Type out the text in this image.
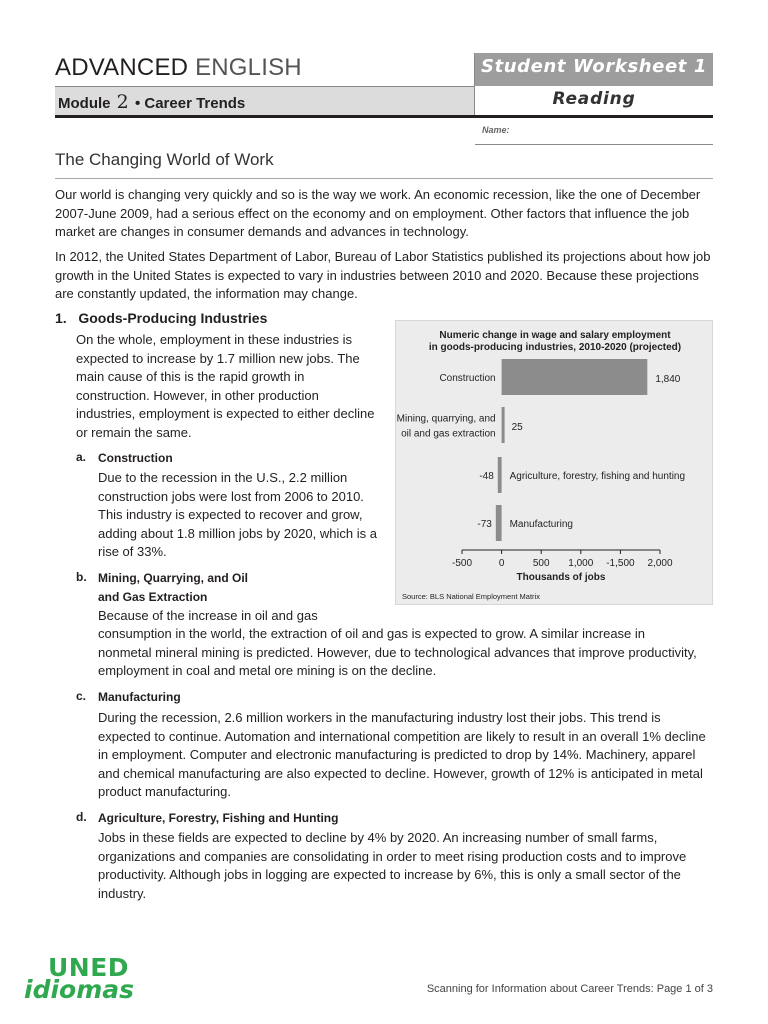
ADVANCED ENGLISH
Module 2 • Career Trends
Student Worksheet 1
Reading
Name:
The Changing World of Work
Our world is changing very quickly and so is the way we work. An economic recession, like the one of December 2007-June 2009, had a serious effect on the economy and on employment. Other factors that influence the job market are changes in consumer demands and advances in technology.
In 2012, the United States Department of Labor, Bureau of Labor Statistics published its projections about how job growth in the United States is expected to vary in industries between 2010 and 2020. Because these projections are constantly updated, the information may change.
1.   Goods-Producing Industries
On the whole, employment in these industries is expected to increase by 1.7 million new jobs. The main cause of this is the rapid growth in construction. However, in other production industries, employment is expected to either decline or remain the same.
a. Construction
Due to the recession in the U.S., 2.2 million construction jobs were lost from 2006 to 2010. This industry is expected to recover and grow, adding about 1.8 million jobs by 2020, which is a rise of 33%.
b. Mining, Quarrying, and Oil
and Gas Extraction
Because of the increase in oil and gas
consumption in the world, the extraction of oil and gas is expected to grow. A similar increase in nonmetal mineral mining is predicted. However, due to technological advances that improve productivity, employment in coal and metal ore mining is on the decline.
c. Manufacturing
During the recession, 2.6 million workers in the manufacturing industry lost their jobs. This trend is expected to continue. Automation and international competition are likely to result in an overall 1% decline in employment. Computer and electronic manufacturing is predicted to drop by 14%. Machinery, apparel and chemical manufacturing are also expected to decline. However, growth of 12% is anticipated in metal product manufacturing.
d. Agriculture, Forestry, Fishing and Hunting
Jobs in these fields are expected to decline by 4% by 2020. An increasing number of small farms, organizations and companies are consolidating in order to meet rising production costs and to improve productivity. Although jobs in logging are expected to increase by 6%, this is only a small sector of the industry.
Numeric change in wage and salary employment
in goods-producing industries, 2010-2020 (projected)
Construction	1,840
Mining, quarrying, and
oil and gas extraction
25
-48 Agriculture, forestry, fishing and hunting
-73 Manufacturing
-500	0	500 1,000 -1,500 2,000
Thousands of jobs
Source: BLS National Employment Matrix
UNED
idiomas	Scanning for Information about Career Trends: Page 1 of 3
